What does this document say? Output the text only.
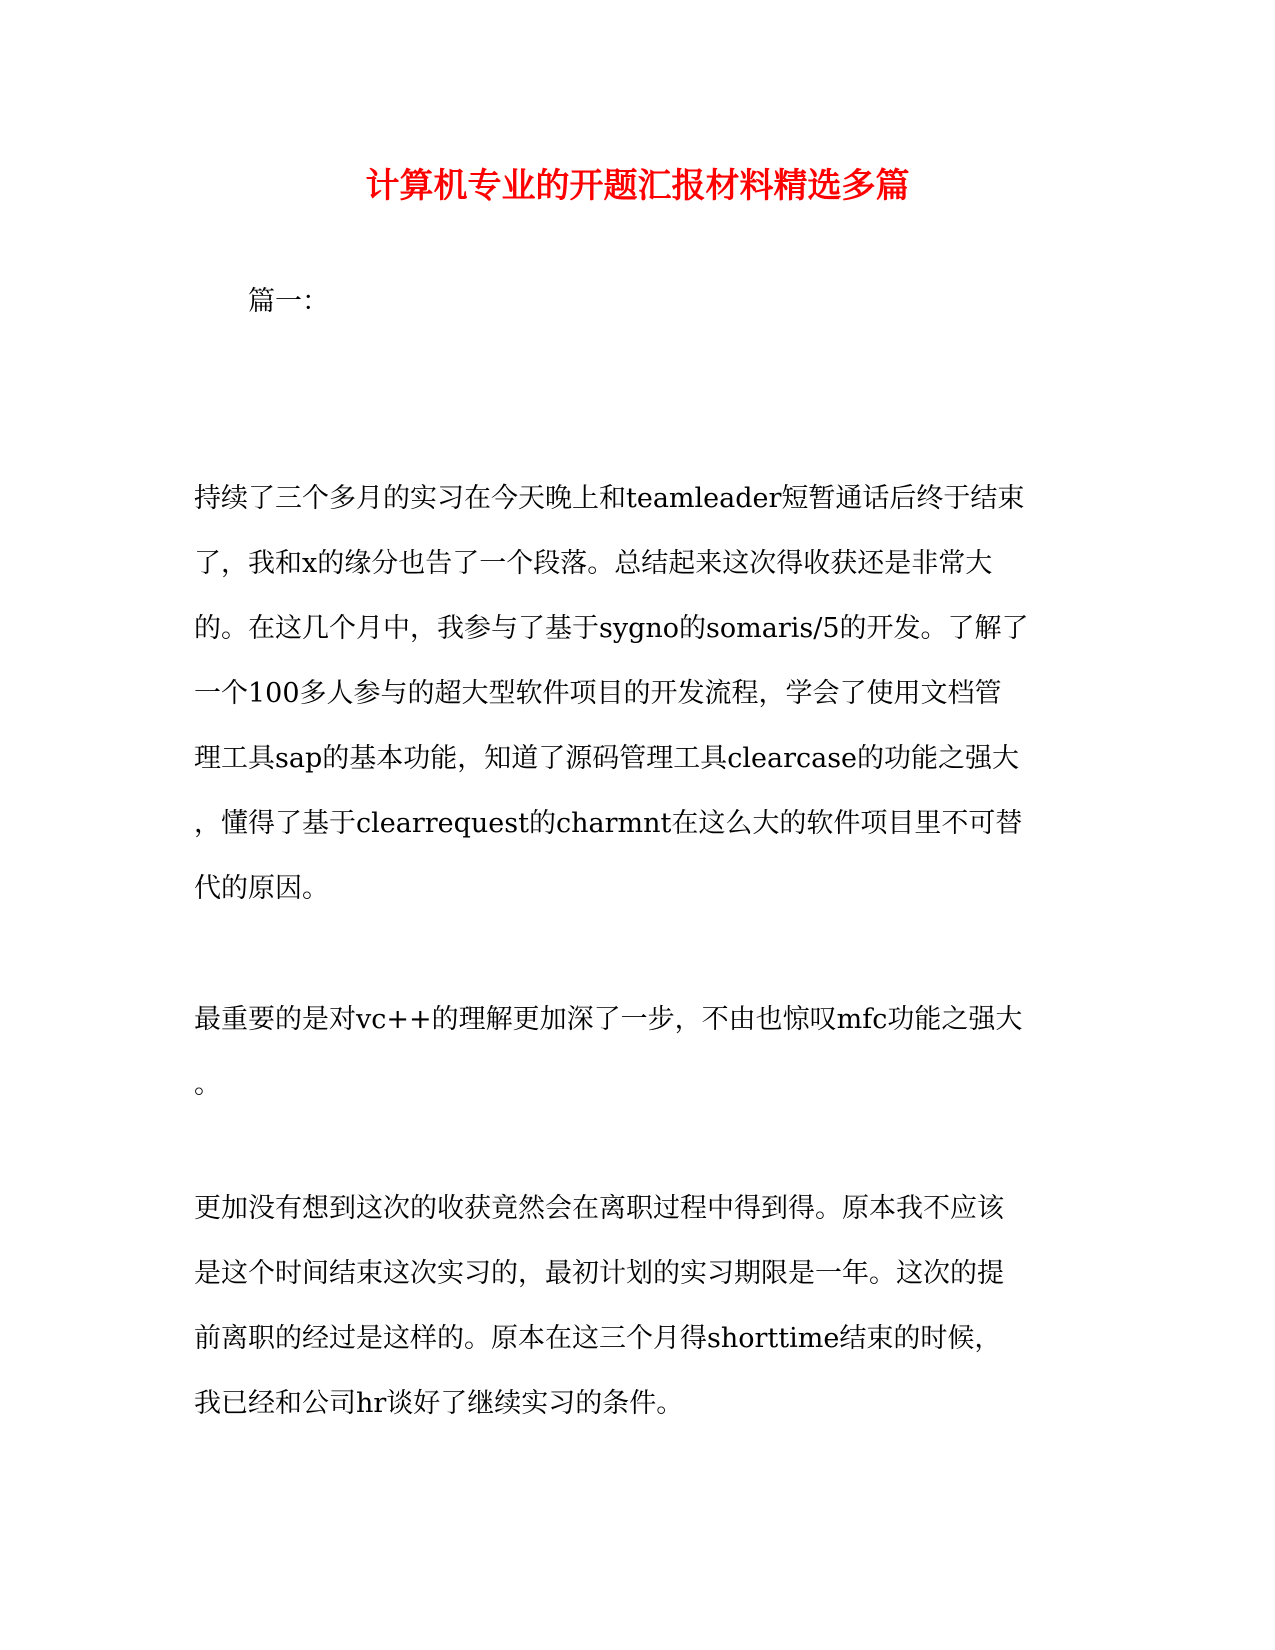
计算机专业的开题汇报材料精选多篇

篇一：

持续了三个多月的实习在今天晚上和teamleader短暂通话后终于结束
了，我和x的缘分也告了一个段落。总结起来这次得收获还是非常大
的。在这几个月中，我参与了基于sygno的somaris/5的开发。了解了
一个100多人参与的超大型软件项目的开发流程，学会了使用文档管
理工具sap的基本功能，知道了源码管理工具clearcase的功能之强大
，懂得了基于clearrequest的charmnt在这么大的软件项目里不可替
代的原因。
最重要的是对vc++的理解更加深了一步，不由也惊叹mfc功能之强大
。
更加没有想到这次的收获竟然会在离职过程中得到得。原本我不应该
是这个时间结束这次实习的，最初计划的实习期限是一年。这次的提
前离职的经过是这样的。原本在这三个月得shorttime结束的时候，
我已经和公司hr谈好了继续实习的条件。
